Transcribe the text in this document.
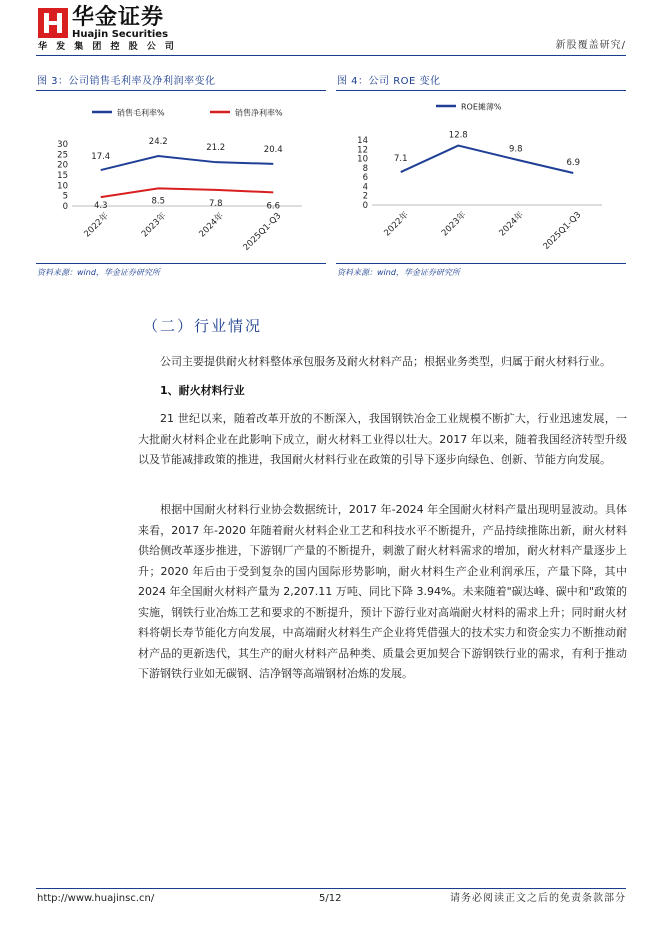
华金证券
Huajin Securities
华 发 集 团 控 股 公 司	新股覆盖研究/
图 3：公司销售毛利率及净利润率变化
销售毛利率%	销售净利率%
0
5
10
15
20
25
30
2022年	2023年	2024年 2025Q1-Q3
17.4
24.2
21.2	20.4
4.3	8.5	7.8	6.6
资料来源：wind，华金证券研究所
图 4：公司 ROE 变化
ROE摊薄%
0
2
4
6
8
10
12
14
2022年	2023年	2024年 2025Q1-Q3
7.1
12.8
9.8
6.9
资料来源：wind，华金证券研究所
（二）行业情况
公司主要提供耐火材料整体承包服务及耐火材料产品；根据业务类型，归属于耐火材料行业。
1、耐火材料行业
21 世纪以来，随着改革开放的不断深入，我国钢铁冶金工业规模不断扩大，行业迅速发展，一大批耐火材料企业在此影响下成立，耐火材料工业得以壮大。2017 年以来，随着我国经济转型升级以及节能减排政策的推进，我国耐火材料行业在政策的引导下逐步向绿色、创新、节能方向发展。
根据中国耐火材料行业协会数据统计，2017 年-2024 年全国耐火材料产量出现明显波动。具体来看，2017 年-2020 年随着耐火材料企业工艺和科技水平不断提升，产品持续推陈出新，耐火材料供给侧改革逐步推进，下游钢厂产量的不断提升，刺激了耐火材料需求的增加，耐火材料产量逐步上升；2020 年后由于受到复杂的国内国际形势影响，耐火材料生产企业利润承压，产量下降，其中 2024 年全国耐火材料产量为 2,207.11 万吨、同比下降 3.94%。未来随着"碳达峰、碳中和"政策的实施，钢铁行业冶炼工艺和要求的不断提升，预计下游行业对高端耐火材料的需求上升；同时耐火材料将朝长寿节能化方向发展，中高端耐火材料生产企业将凭借强大的技术实力和资金实力不断推动耐材产品的更新迭代，其生产的耐火材料产品种类、质量会更加契合下游钢铁行业的需求，有利于推动下游钢铁行业如无碳钢、洁净钢等高端钢材冶炼的发展。
http://www.huajinsc.cn/	5/12	请务必阅读正文之后的免责条款部分
